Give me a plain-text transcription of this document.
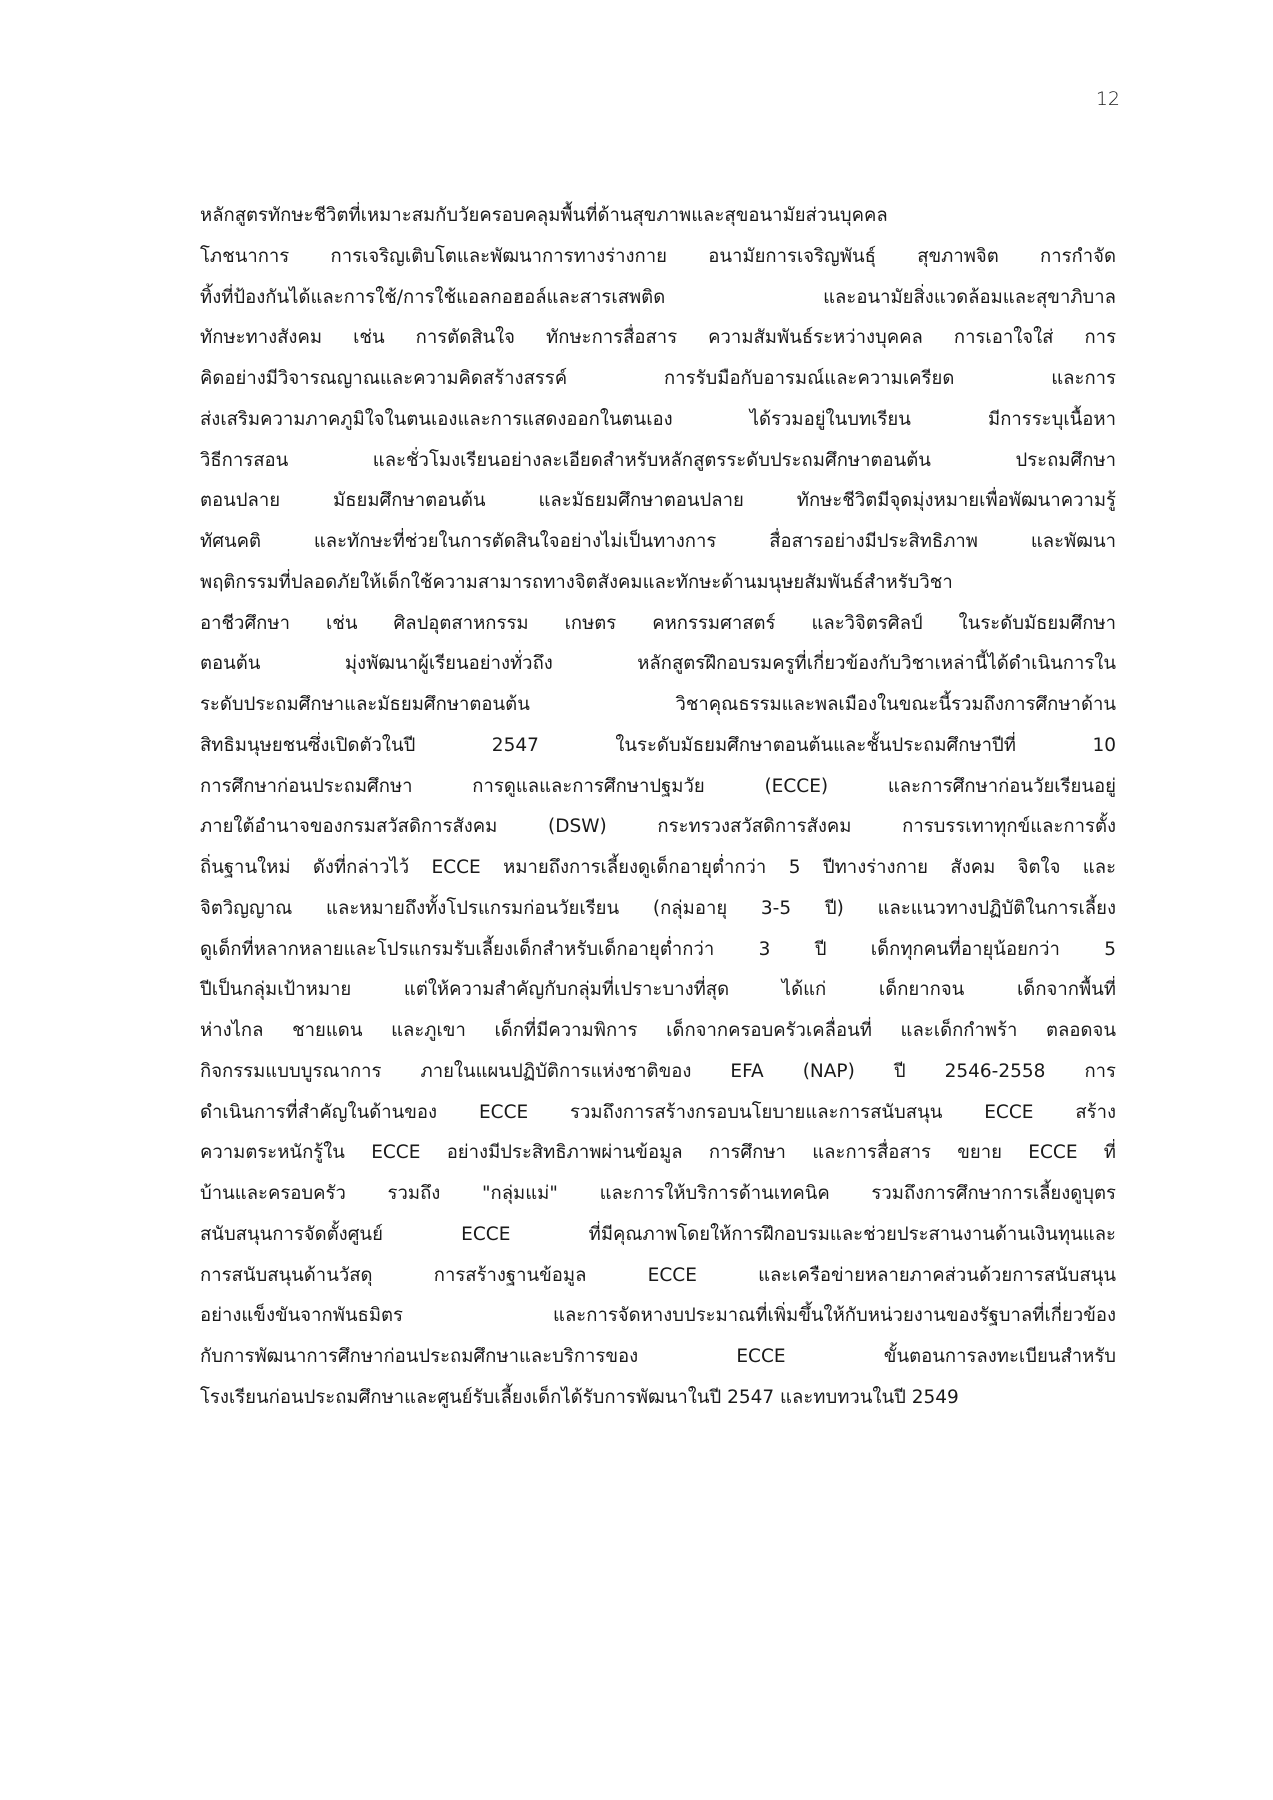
12
หลักสูตรทักษะชีวิตที่เหมาะสมกับวัยครอบคลุมพื้นที่ด้านสุขภาพและสุขอนามัยส่วนบุคคล
โภชนาการ การเจริญเติบโตและพัฒนาการทางร่างกาย อนามัยการเจริญพันธุ์ สุขภาพจิต การกำจัด
ทิ้งที่ป้องกันได้และการใช้/การใช้แอลกอฮอล์และสารเสพติด และอนามัยสิ่งแวดล้อมและสุขาภิบาล
ทักษะทางสังคม เช่น การตัดสินใจ ทักษะการสื่อสาร ความสัมพันธ์ระหว่างบุคคล การเอาใจใส่ การ
คิดอย่างมีวิจารณญาณและความคิดสร้างสรรค์ การรับมือกับอารมณ์และความเครียด และการ
ส่งเสริมความภาคภูมิใจในตนเองและการแสดงออกในตนเอง ได้รวมอยู่ในบทเรียน มีการระบุเนื้อหา
วิธีการสอน และชั่วโมงเรียนอย่างละเอียดสำหรับหลักสูตรระดับประถมศึกษาตอนต้น ประถมศึกษา
ตอนปลาย มัธยมศึกษาตอนต้น และมัธยมศึกษาตอนปลาย ทักษะชีวิตมีจุดมุ่งหมายเพื่อพัฒนาความรู้
ทัศนคติ และทักษะที่ช่วยในการตัดสินใจอย่างไม่เป็นทางการ สื่อสารอย่างมีประสิทธิภาพ และพัฒนา
พฤติกรรมที่ปลอดภัยให้เด็กใช้ความสามารถทางจิตสังคมและทักษะด้านมนุษยสัมพันธ์สำหรับวิชา
อาชีวศึกษา เช่น ศิลปอุตสาหกรรม เกษตร คหกรรมศาสตร์ และวิจิตรศิลป์ ในระดับมัธยมศึกษา
ตอนต้น มุ่งพัฒนาผู้เรียนอย่างทั่วถึง หลักสูตรฝึกอบรมครูที่เกี่ยวข้องกับวิชาเหล่านี้ได้ดำเนินการใน
ระดับประถมศึกษาและมัธยมศึกษาตอนต้น วิชาคุณธรรมและพลเมืองในขณะนี้รวมถึงการศึกษาด้าน
สิทธิมนุษยชนซึ่งเปิดตัวในปี 2547 ในระดับมัธยมศึกษาตอนต้นและชั้นประถมศึกษาปีที่ 10
การศึกษาก่อนประถมศึกษา การดูแลและการศึกษาปฐมวัย (ECCE) และการศึกษาก่อนวัยเรียนอยู่
ภายใต้อำนาจของกรมสวัสดิการสังคม (DSW) กระทรวงสวัสดิการสังคม การบรรเทาทุกข์และการตั้ง
ถิ่นฐานใหม่ ดังที่กล่าวไว้ ECCE หมายถึงการเลี้ยงดูเด็กอายุต่ำกว่า 5 ปีทางร่างกาย สังคม จิตใจ และ
จิตวิญญาณ และหมายถึงทั้งโปรแกรมก่อนวัยเรียน (กลุ่มอายุ 3-5 ปี) และแนวทางปฏิบัติในการเลี้ยง
ดูเด็กที่หลากหลายและโปรแกรมรับเลี้ยงเด็กสำหรับเด็กอายุต่ำกว่า 3 ปี เด็กทุกคนที่อายุน้อยกว่า 5
ปีเป็นกลุ่มเป้าหมาย แต่ให้ความสำคัญกับกลุ่มที่เปราะบางที่สุด ได้แก่ เด็กยากจน เด็กจากพื้นที่
ห่างไกล ชายแดน และภูเขา เด็กที่มีความพิการ เด็กจากครอบครัวเคลื่อนที่ และเด็กกำพร้า ตลอดจน
กิจกรรมแบบบูรณาการ ภายในแผนปฏิบัติการแห่งชาติของ EFA (NAP) ปี 2546-2558 การ
ดำเนินการที่สำคัญในด้านของ ECCE รวมถึงการสร้างกรอบนโยบายและการสนับสนุน ECCE สร้าง
ความตระหนักรู้ใน ECCE อย่างมีประสิทธิภาพผ่านข้อมูล การศึกษา และการสื่อสาร ขยาย ECCE ที่
บ้านและครอบครัว รวมถึง "กลุ่มแม่" และการให้บริการด้านเทคนิค รวมถึงการศึกษาการเลี้ยงดูบุตร
สนับสนุนการจัดตั้งศูนย์ ECCE ที่มีคุณภาพโดยให้การฝึกอบรมและช่วยประสานงานด้านเงินทุนและ
การสนับสนุนด้านวัสดุ การสร้างฐานข้อมูล ECCE และเครือข่ายหลายภาคส่วนด้วยการสนับสนุน
อย่างแข็งขันจากพันธมิตร และการจัดหางบประมาณที่เพิ่มขึ้นให้กับหน่วยงานของรัฐบาลที่เกี่ยวข้อง
กับการพัฒนาการศึกษาก่อนประถมศึกษาและบริการของ ECCE ขั้นตอนการลงทะเบียนสำหรับ
โรงเรียนก่อนประถมศึกษาและศูนย์รับเลี้ยงเด็กได้รับการพัฒนาในปี 2547 และทบทวนในปี 2549
